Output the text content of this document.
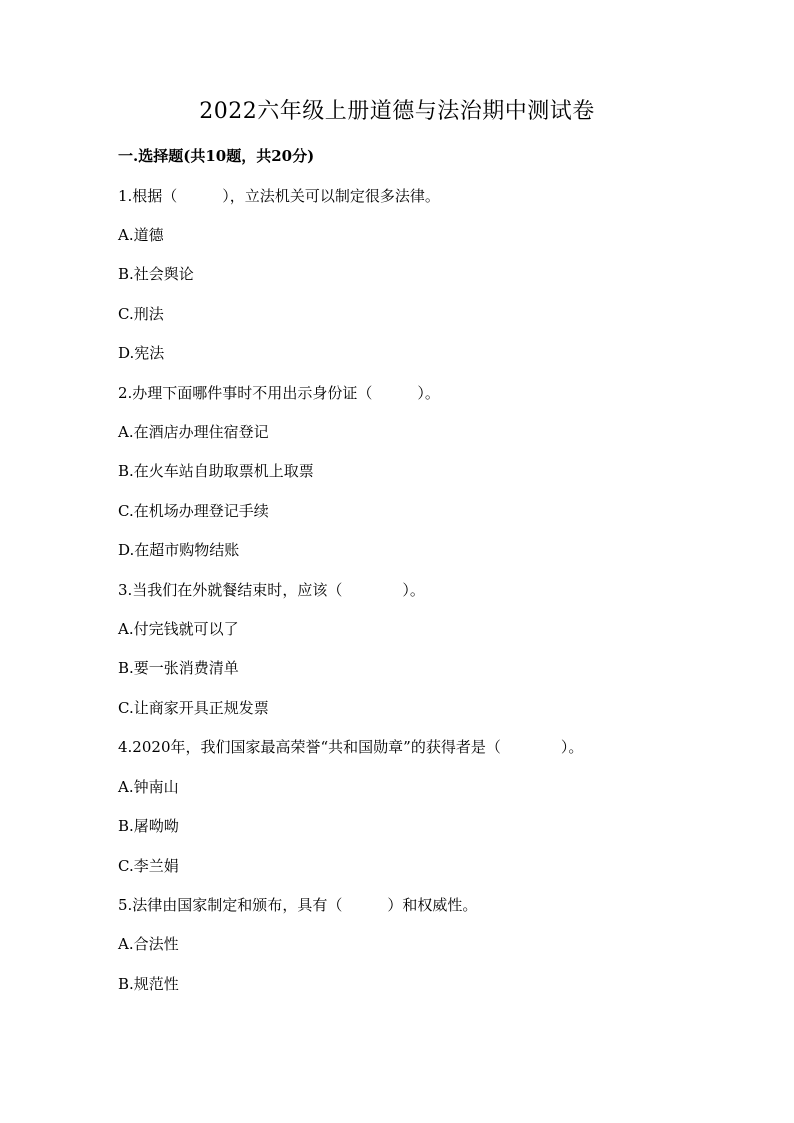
2022六年级上册道德与法治期中测试卷
一.选择题(共10题，共20分)
1.根据（　　　），立法机关可以制定很多法律。
A.道德
B.社会舆论
C.刑法
D.宪法
2.办理下面哪件事时不用出示身份证（　　　）。
A.在酒店办理住宿登记
B.在火车站自助取票机上取票
C.在机场办理登记手续
D.在超市购物结账
3.当我们在外就餐结束时，应该（　　　　）。
A.付完钱就可以了
B.要一张消费清单
C.让商家开具正规发票
4.2020年，我们国家最高荣誉“共和国勋章”的获得者是（　　　　）。
A.钟南山
B.屠呦呦
C.李兰娟
5.法律由国家制定和颁布，具有（　　　）和权威性。
A.合法性
B.规范性
